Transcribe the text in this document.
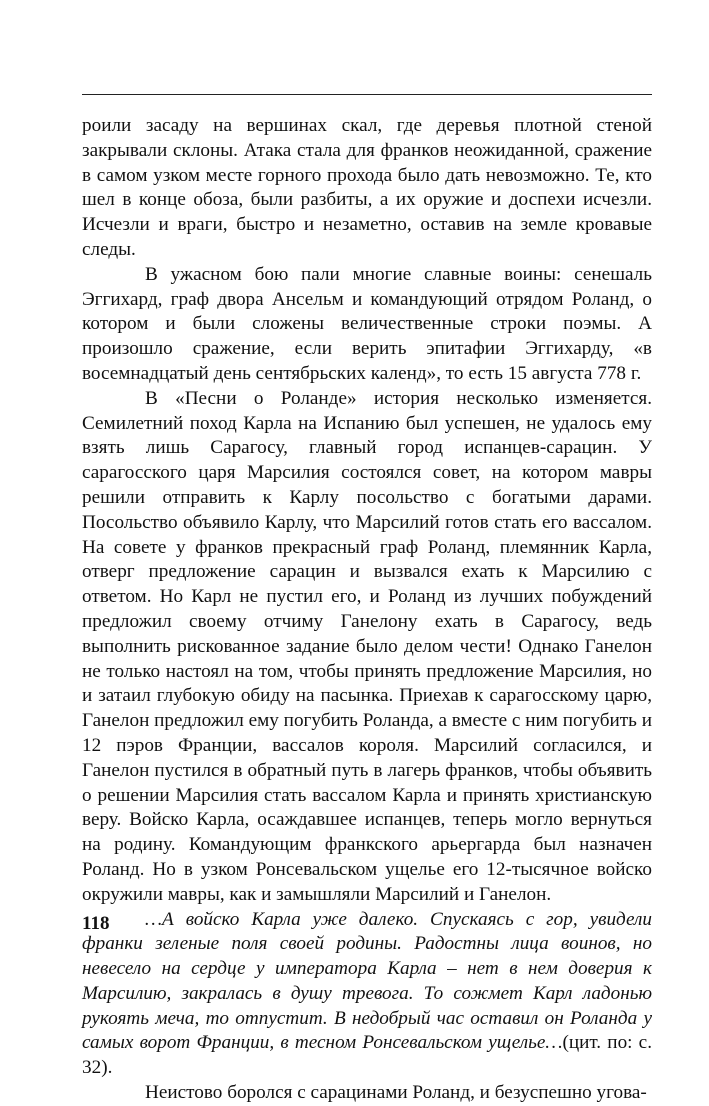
роили засаду на вершинах скал, где деревья плотной стеной закрывали склоны. Атака стала для франков неожиданной, сражение в самом узком месте горного прохода было дать невозможно. Те, кто шел в конце обоза, были разбиты, а их оружие и доспехи исчезли. Исчезли и враги, быстро и незаметно, оставив на земле кровавые следы.

В ужасном бою пали многие славные воины: сенешаль Эггихард, граф двора Ансельм и командующий отрядом Роланд, о котором и были сложены величественные строки поэмы. А произошло сражение, если верить эпитафии Эггихарду, «в восемнадцатый день сентябрьских календ», то есть 15 августа 778 г.

В «Песни о Роланде» история несколько изменяется. Семилетний поход Карла на Испанию был успешен, не удалось ему взять лишь Сарагосу, главный город испанцев-сарацин. У сарагосского царя Марсилия состоялся совет, на котором мавры решили отправить к Карлу посольство с богатыми дарами. Посольство объявило Карлу, что Марсилий готов стать его вассалом. На совете у франков прекрасный граф Роланд, племянник Карла, отверг предложение сарацин и вызвался ехать к Марсилию с ответом. Но Карл не пустил его, и Роланд из лучших побуждений предложил своему отчиму Ганелону ехать в Сарагосу, ведь выполнить рискованное задание было делом чести! Однако Ганелон не только настоял на том, чтобы принять предложение Марсилия, но и затаил глубокую обиду на пасынка. Приехав к сарагосскому царю, Ганелон предложил ему погубить Роланда, а вместе с ним погубить и 12 пэров Франции, вассалов короля. Марсилий согласился, и Ганелон пустился в обратный путь в лагерь франков, чтобы объявить о решении Марсилия стать вассалом Карла и принять христианскую веру. Войско Карла, осаждавшее испанцев, теперь могло вернуться на родину. Командующим франкского арьергарда был назначен Роланд. Но в узком Ронсевальском ущелье его 12-тысячное войско окружили мавры, как и замышляли Марсилий и Ганелон.

…А войско Карла уже далеко. Спускаясь с гор, увидели франки зеленые поля своей родины. Радостны лица воинов, но невесело на сердце у императора Карла – нет в нем доверия к Марсилию, закралась в душу тревога. То сожмет Карл ладонью рукоять меча, то отпустит. В недобрый час оставил он Роланда у самых ворот Франции, в тесном Ронсевальском ущелье…(цит. по: с. 32).

Неистово боролся с сарацинами Роланд, и безуспешно угова-

118
